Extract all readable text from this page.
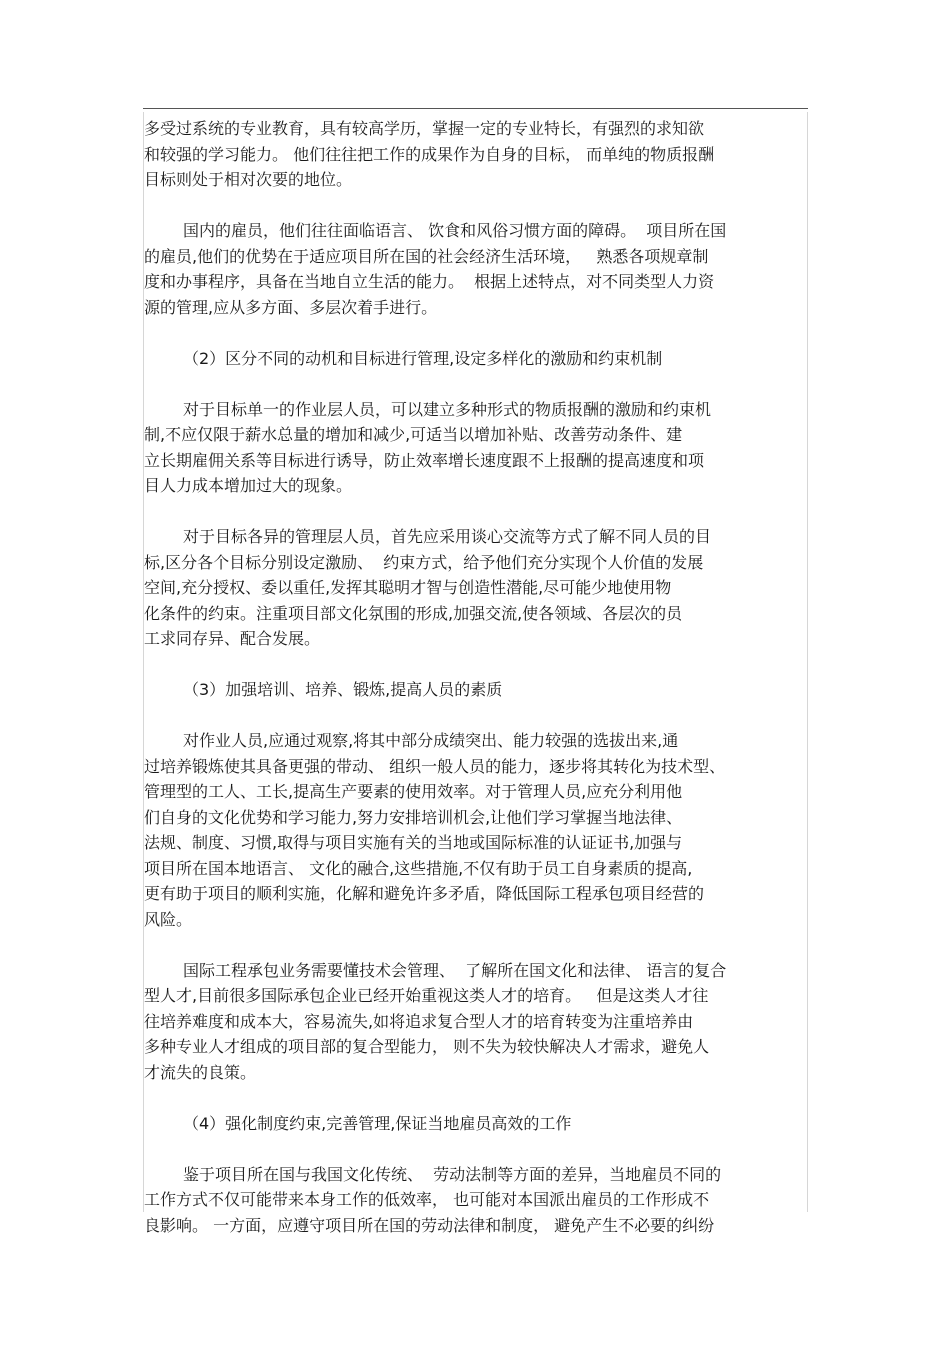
多受过系统的专业教育，具有较高学历，掌握一定的专业特长，有强烈的求知欲
和较强的学习能力。 他们往往把工作的成果作为自身的目标， 而单纯的物质报酬
目标则处于相对次要的地位。

国内的雇员，他们往往面临语言、 饮食和风俗习惯方面的障碍。  项目所在国
的雇员,他们的优势在于适应项目所在国的社会经济生活环境，   熟悉各项规章制
度和办事程序，具备在当地自立生活的能力。  根据上述特点，对不同类型人力资
源的管理,应从多方面、多层次着手进行。

（2）区分不同的动机和目标进行管理,设定多样化的激励和约束机制

对于目标单一的作业层人员，可以建立多种形式的物质报酬的激励和约束机
制,不应仅限于薪水总量的增加和减少,可适当以增加补贴、改善劳动条件、建
立长期雇佣关系等目标进行诱导，防止效率增长速度跟不上报酬的提高速度和项
目人力成本增加过大的现象。

对于目标各异的管理层人员，首先应采用谈心交流等方式了解不同人员的目
标,区分各个目标分别设定激励、  约束方式，给予他们充分实现个人价值的发展
空间,充分授权、委以重任,发挥其聪明才智与创造性潜能,尽可能少地使用物
化条件的约束。注重项目部文化氛围的形成,加强交流,使各领域、各层次的员
工求同存异、配合发展。

（3）加强培训、培养、锻炼,提高人员的素质

对作业人员,应通过观察,将其中部分成绩突出、能力较强的选拔出来,通
过培养锻炼使其具备更强的带动、 组织一般人员的能力，逐步将其转化为技术型、
管理型的工人、工长,提高生产要素的使用效率。对于管理人员,应充分利用他
们自身的文化优势和学习能力,努力安排培训机会,让他们学习掌握当地法律、
法规、制度、习惯,取得与项目实施有关的当地或国际标准的认证证书,加强与
项目所在国本地语言、 文化的融合,这些措施,不仅有助于员工自身素质的提高,
更有助于项目的顺利实施，化解和避免许多矛盾，降低国际工程承包项目经营的
风险。

国际工程承包业务需要懂技术会管理、  了解所在国文化和法律、 语言的复合
型人才,目前很多国际承包企业已经开始重视这类人才的培育。   但是这类人才往
往培养难度和成本大，容易流失,如将追求复合型人才的培育转变为注重培养由
多种专业人才组成的项目部的复合型能力， 则不失为较快解决人才需求，避免人
才流失的良策。

（4）强化制度约束,完善管理,保证当地雇员高效的工作

鉴于项目所在国与我国文化传统、  劳动法制等方面的差异，当地雇员不同的
工作方式不仅可能带来本身工作的低效率， 也可能对本国派出雇员的工作形成不
良影响。 一方面，应遵守项目所在国的劳动法律和制度， 避免产生不必要的纠纷
